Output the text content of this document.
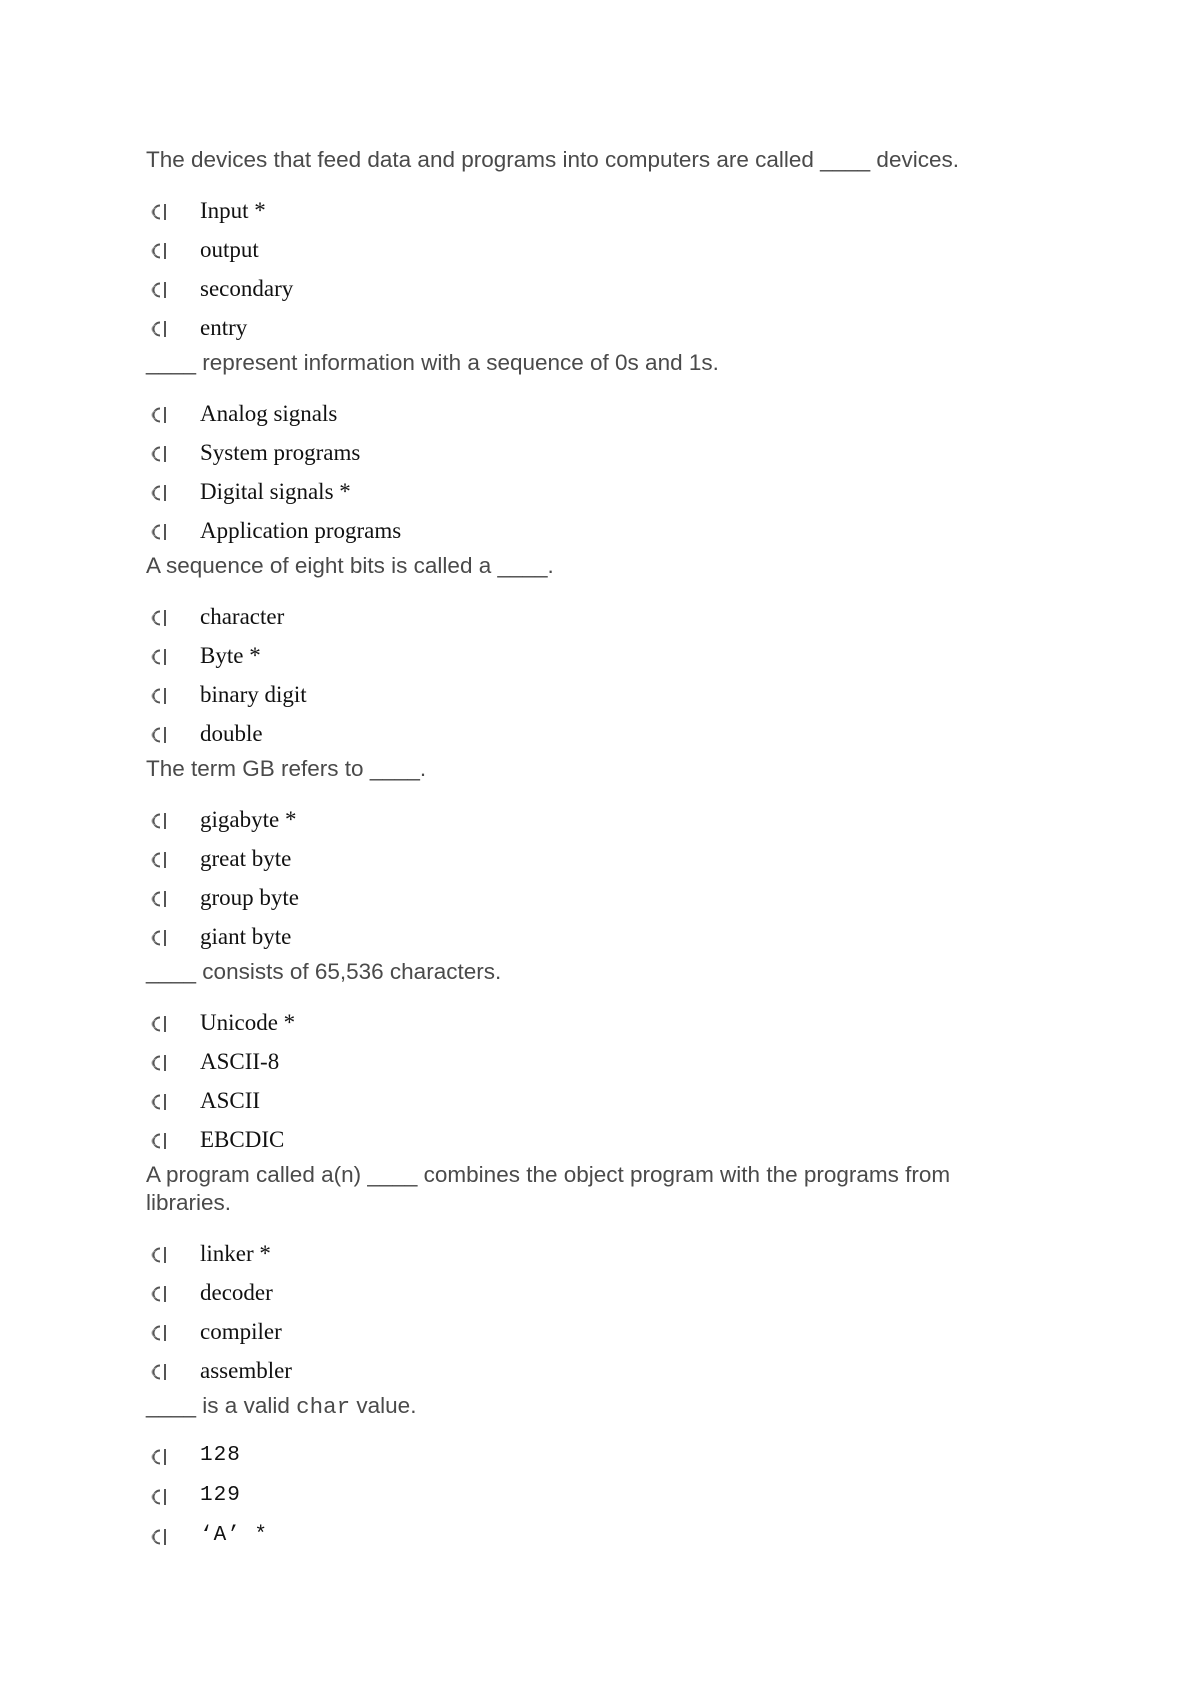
The devices that feed data and programs into computers are called ____ devices.
Input *
output
secondary
entry
____ represent information with a sequence of 0s and 1s.
Analog signals
System programs
Digital signals *
Application programs
A sequence of eight bits is called a ____.
character
Byte *
binary digit
double
The term GB refers to ____.
gigabyte *
great byte
group byte
giant byte
____ consists of 65,536 characters.
Unicode *
ASCII-8
ASCII
EBCDIC
A program called a(n) ____ combines the object program with the programs from libraries.
linker *
decoder
compiler
assembler
____ is a valid char value.
128
129
‘A’ *
